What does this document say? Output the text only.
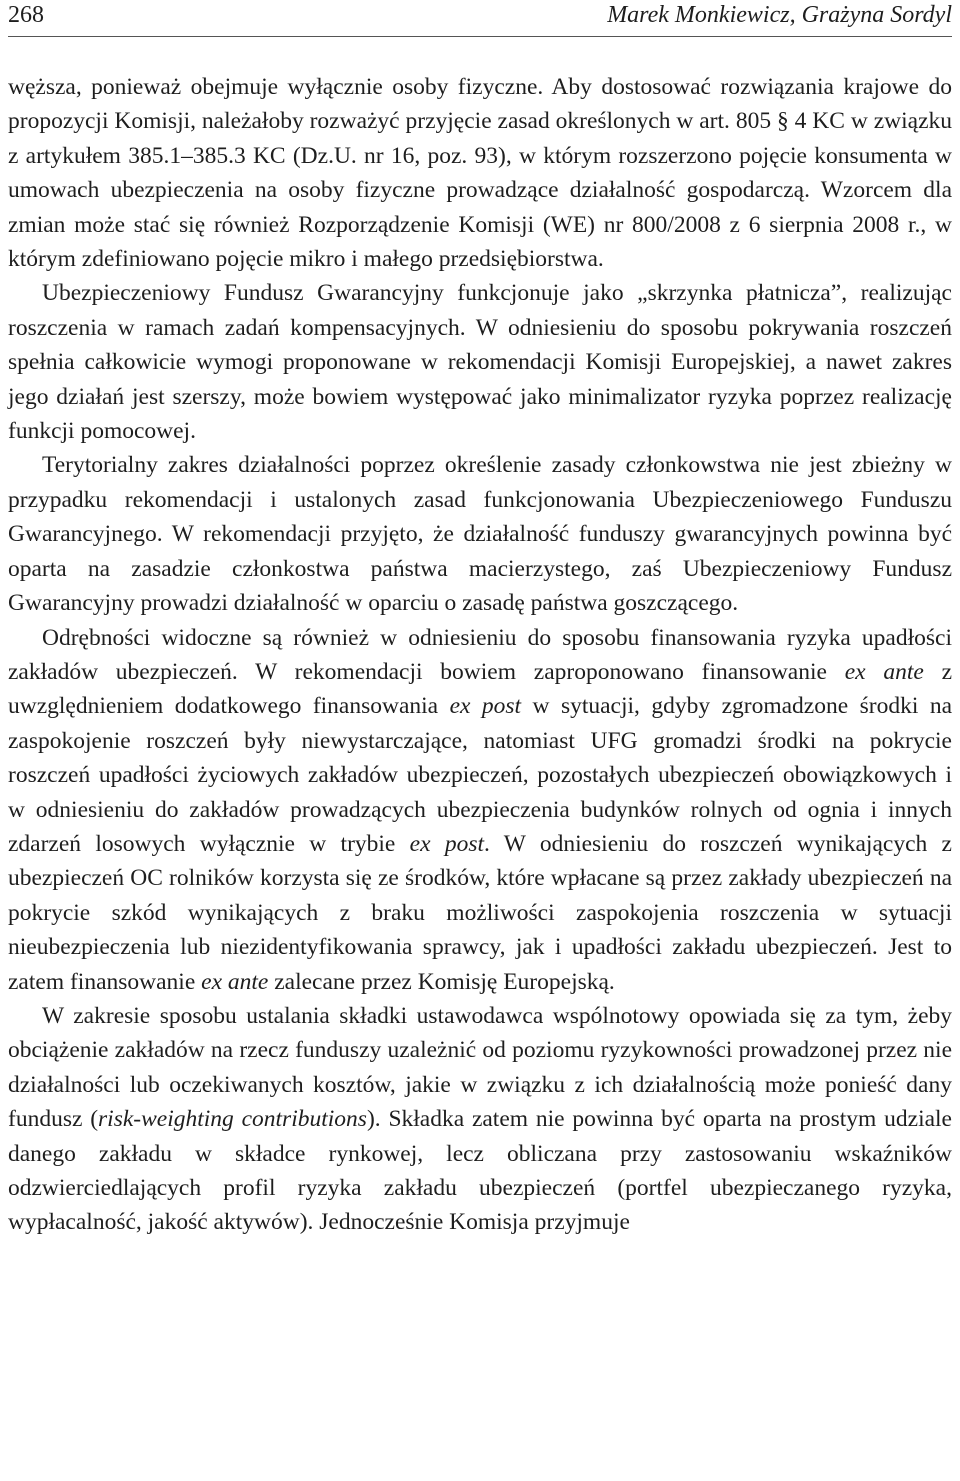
268	Marek Monkiewicz, Grażyna Sordyl

węższa, ponieważ obejmuje wyłącznie osoby fizyczne. Aby dostosować rozwiązania krajowe do propozycji Komisji, należałoby rozważyć przyjęcie zasad określonych w art. 805 § 4 KC w związku z artykułem 385.1–385.3 KC (Dz.U. nr 16, poz. 93), w którym rozszerzono pojęcie konsumenta w umowach ubezpieczenia na osoby fizyczne prowadzące działalność gospodarczą. Wzorcem dla zmian może stać się również Rozporządzenie Komisji (WE) nr 800/2008 z 6 sierpnia 2008 r., w którym zdefiniowano pojęcie mikro i małego przedsiębiorstwa.

Ubezpieczeniowy Fundusz Gwarancyjny funkcjonuje jako „skrzynka płatnicza”, realizując roszczenia w ramach zadań kompensacyjnych. W odniesieniu do sposobu pokrywania roszczeń spełnia całkowicie wymogi proponowane w rekomendacji Komisji Europejskiej, a nawet zakres jego działań jest szerszy, może bowiem występować jako minimalizator ryzyka poprzez realizację funkcji pomocowej.

Terytorialny zakres działalności poprzez określenie zasady członkowstwa nie jest zbieżny w przypadku rekomendacji i ustalonych zasad funkcjonowania Ubezpieczeniowego Funduszu Gwarancyjnego. W rekomendacji przyjęto, że działalność funduszy gwarancyjnych powinna być oparta na zasadzie członkostwa państwa macierzystego, zaś Ubezpieczeniowy Fundusz Gwarancyjny prowadzi działalność w oparciu o zasadę państwa goszczącego.

Odrębności widoczne są również w odniesieniu do sposobu finansowania ryzyka upadłości zakładów ubezpieczeń. W rekomendacji bowiem zaproponowano finansowanie ex ante z uwzględnieniem dodatkowego finansowania ex post w sytuacji, gdyby zgromadzone środki na zaspokojenie roszczeń były niewystarczające, natomiast UFG gromadzi środki na pokrycie roszczeń upadłości życiowych zakładów ubezpieczeń, pozostałych ubezpieczeń obowiązkowych i w odniesieniu do zakładów prowadzących ubezpieczenia budynków rolnych od ognia i innych zdarzeń losowych wyłącznie w trybie ex post. W odniesieniu do roszczeń wynikających z ubezpieczeń OC rolników korzysta się ze środków, które wpłacane są przez zakłady ubezpieczeń na pokrycie szkód wynikających z braku możliwości zaspokojenia roszczenia w sytuacji nieubezpieczenia lub niezidentyfikowania sprawcy, jak i upadłości zakładu ubezpieczeń. Jest to zatem finansowanie ex ante zalecane przez Komisję Europejską.

W zakresie sposobu ustalania składki ustawodawca wspólnotowy opowiada się za tym, żeby obciążenie zakładów na rzecz funduszy uzależnić od poziomu ryzykowności prowadzonej przez nie działalności lub oczekiwanych kosztów, jakie w związku z ich działalnością może ponieść dany fundusz (risk-weighting contributions). Składka zatem nie powinna być oparta na prostym udziale danego zakładu w składce rynkowej, lecz obliczana przy zastosowaniu wskaźników odzwierciedlających profil ryzyka zakładu ubezpieczeń (portfel ubezpieczanego ryzyka, wypłacalność, jakość aktywów). Jednocześnie Komisja przyjmuje
